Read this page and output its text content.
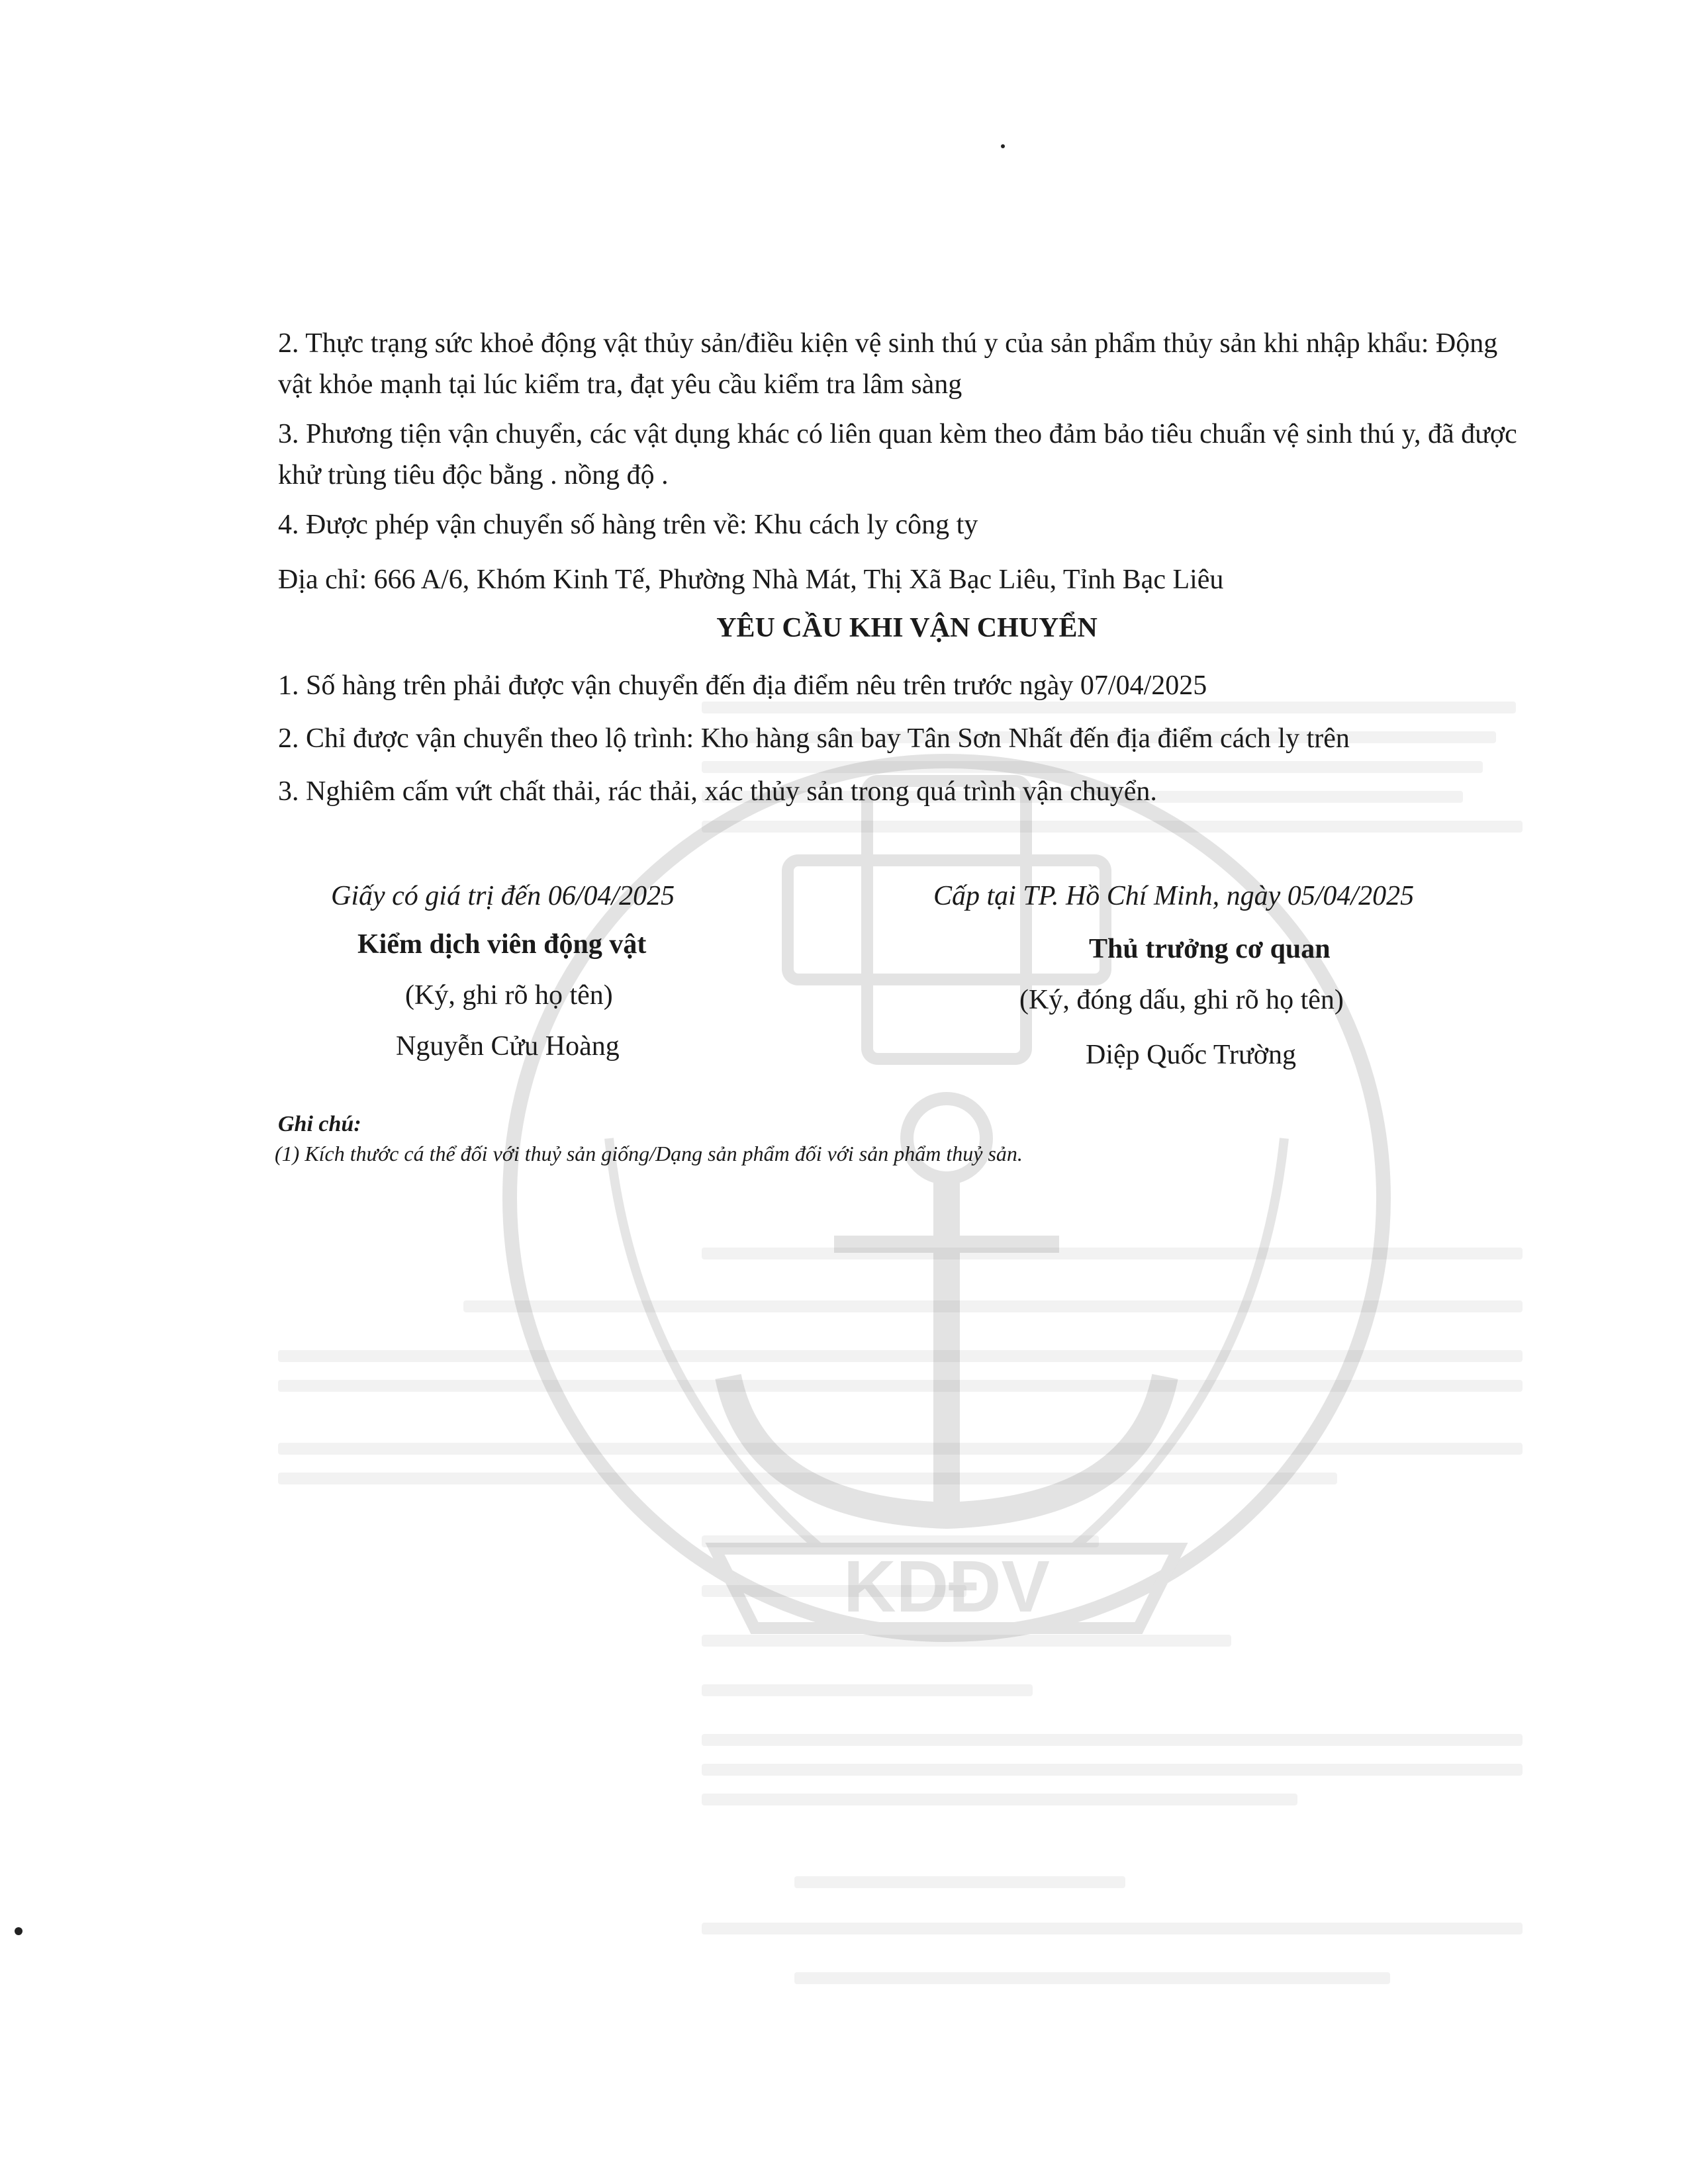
KDĐV
2. Thực trạng sức khoẻ động vật thủy sản/điều kiện vệ sinh thú y của sản phẩm thủy sản khi nhập khẩu: Động vật khỏe mạnh tại lúc kiểm tra, đạt yêu cầu kiểm tra lâm sàng
3. Phương tiện vận chuyển, các vật dụng khác có liên quan kèm theo đảm bảo tiêu chuẩn vệ sinh thú y, đã được khử trùng tiêu độc bằng . nồng độ .
4. Được phép vận chuyển số hàng trên về: Khu cách ly công ty
Địa chỉ: 666 A/6, Khóm Kinh Tế, Phường Nhà Mát, Thị Xã Bạc Liêu, Tỉnh Bạc Liêu
YÊU CẦU KHI VẬN CHUYỂN
1. Số hàng trên phải được vận chuyển đến địa điểm nêu trên trước ngày 07/04/2025
2. Chỉ được vận chuyển theo lộ trình: Kho hàng sân bay Tân Sơn Nhất đến địa điểm cách ly trên
3. Nghiêm cấm vứt chất thải, rác thải, xác thủy sản trong quá trình vận chuyển.
Giấy có giá trị đến 06/04/2025	Cấp tại TP. Hồ Chí Minh, ngày 05/04/2025
Kiểm dịch viên động vật	Thủ trưởng cơ quan
(Ký, ghi rõ họ tên)	(Ký, đóng dấu, ghi rõ họ tên)
Nguyễn Cửu Hoàng	Diệp Quốc Trường
Ghi chú:
(1) Kích thước cá thể đối với thuỷ sản giống/Dạng sản phẩm đối với sản phẩm thuỷ sản.
